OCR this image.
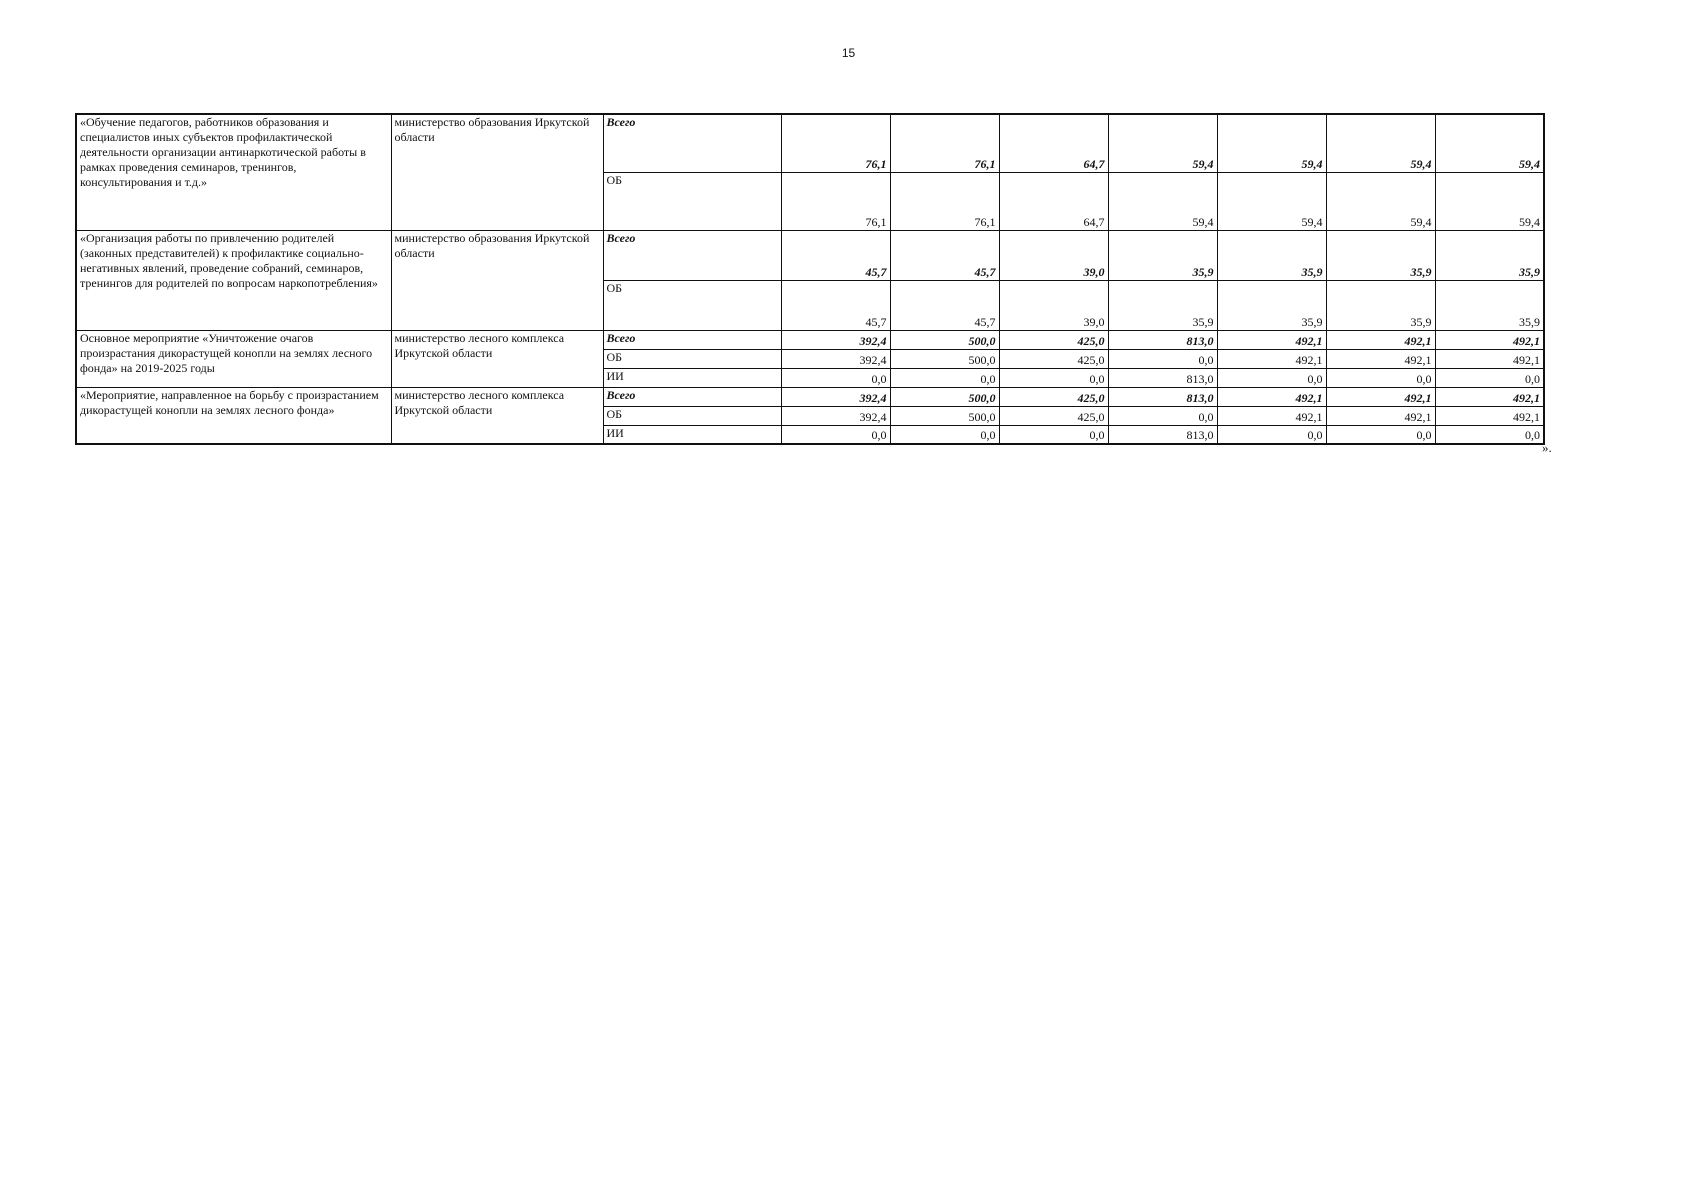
15
«Обучение педагогов, работников образования и специалистов иных субъектов профилактической деятельности организации антинаркотической работы в рамках проведения семинаров, тренингов, консультирования и т.д.»	министерство образования Иркутской области	Всего	76,1	76,1	64,7	59,4	59,4	59,4	59,4
		ОБ	76,1	76,1	64,7	59,4	59,4	59,4	59,4
«Организация работы по привлечению родителей (законных представителей) к профилактике социально-негативных явлений, проведение собраний, семинаров, тренингов для родителей по вопросам наркопотребления»	министерство образования Иркутской области	Всего	45,7	45,7	39,0	35,9	35,9	35,9	35,9
		ОБ	45,7	45,7	39,0	35,9	35,9	35,9	35,9
Основное мероприятие «Уничтожение очагов произрастания дикорастущей конопли на землях лесного фонда» на 2019-2025 годы	министерство лесного комплекса Иркутской области	Всего	392,4	500,0	425,0	813,0	492,1	492,1	492,1
		ОБ	392,4	500,0	425,0	0,0	492,1	492,1	492,1
		ИИ	0,0	0,0	0,0	813,0	0,0	0,0	0,0
«Мероприятие, направленное на борьбу с произрастанием дикорастущей конопли на землях лесного фонда»	министерство лесного комплекса Иркутской области	Всего	392,4	500,0	425,0	813,0	492,1	492,1	492,1
		ОБ	392,4	500,0	425,0	0,0	492,1	492,1	492,1
		ИИ	0,0	0,0	0,0	813,0	0,0	0,0	0,0
».
